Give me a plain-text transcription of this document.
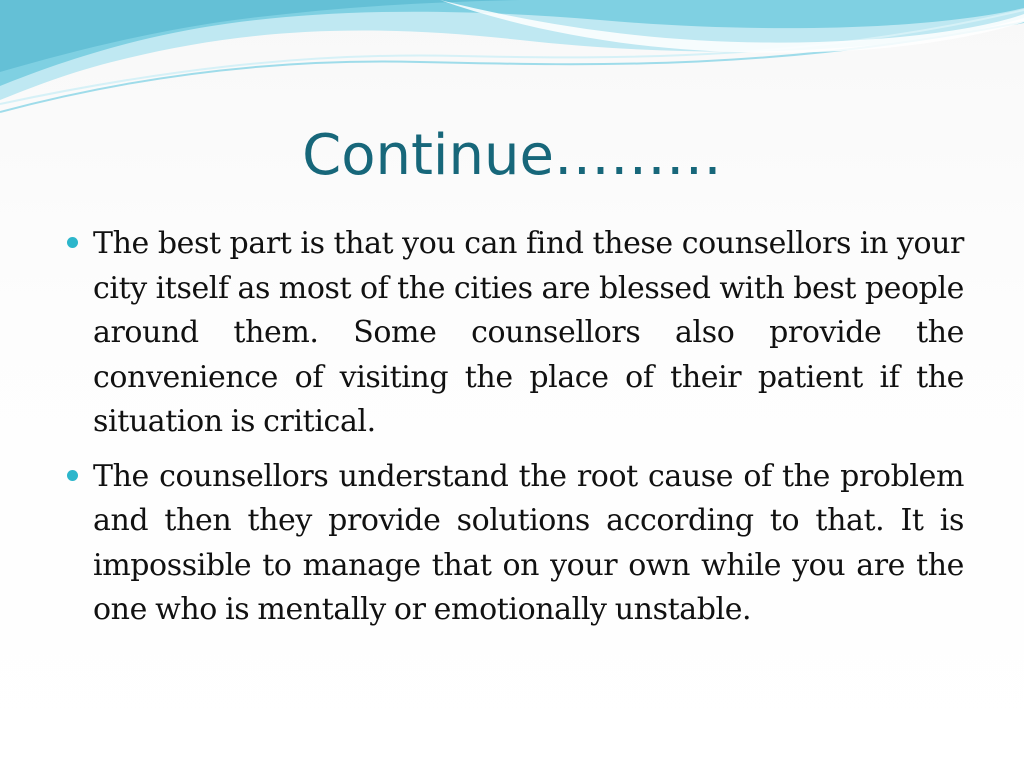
Continue………
The best part is that you can find these counsellors in your city itself as most of the cities are blessed with best people around them. Some counsellors also provide the convenience of visiting the place of their patient if the situation is critical.
The counsellors understand the root cause of the problem and then they provide solutions according to that. It is impossible to manage that on your own while you are the one who is mentally or emotionally unstable.
